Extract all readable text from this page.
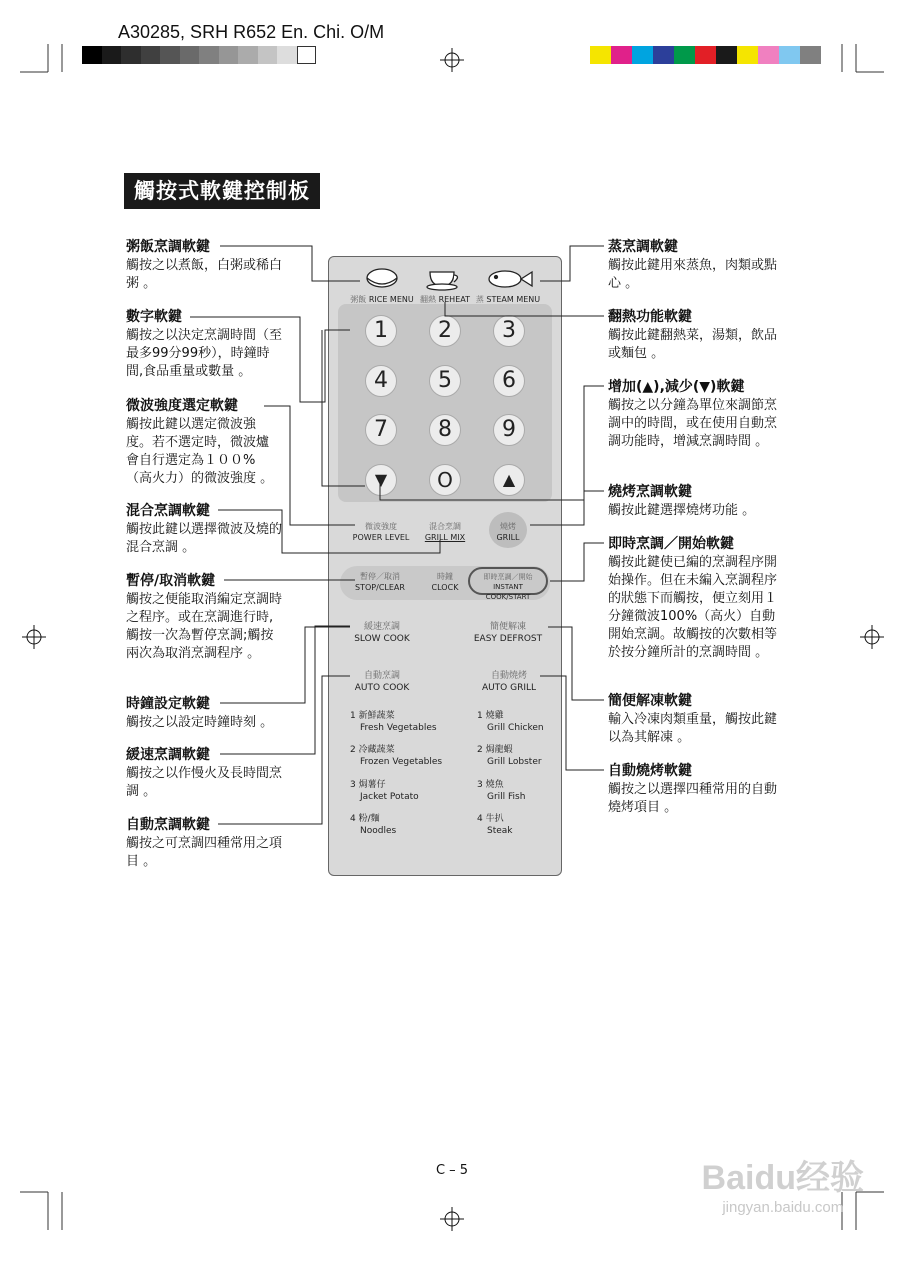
A30285, SRH R652 En. Chi. O/M
觸按式軟鍵控制板
粥飯烹調軟鍵
觸按之以煮飯，白粥或稀白粥 。
數字軟鍵
觸按之以決定烹調時間（至最多99分99秒），時鐘時間,食品重量或數量 。
微波強度選定軟鍵
觸按此鍵以選定微波強度。若不選定時，微波爐會自行選定為１００%（高火力）的微波強度 。
混合烹調軟鍵
觸按此鍵以選擇微波及燒的混合烹調 。
暫停/取消軟鍵
觸按之便能取消編定烹調時之程序。或在烹調進行時,觸按一次為暫停烹調;觸按兩次為取消烹調程序 。
時鐘設定軟鍵
觸按之以設定時鐘時刻 。
緩速烹調軟鍵
觸按之以作慢火及長時間烹調 。
自動烹調軟鍵
觸按之可烹調四種常用之項目 。
蒸烹調軟鍵
觸按此鍵用來蒸魚，肉類或點心 。
翻熱功能軟鍵
觸按此鍵翻熱菜，湯類，飲品或麵包 。
增加(▲),減少(▼)軟鍵
觸按之以分鐘為單位來調節烹調中的時間，或在使用自動烹調功能時，增減烹調時間 。
燒烤烹調軟鍵
觸按此鍵選擇燒烤功能 。
即時烹調／開始軟鍵
觸按此鍵使已編的烹調程序開始操作。但在未編入烹調程序的狀態下而觸按，便立刻用１分鐘微波100%（高火）自動開始烹調。故觸按的次數相等於按分鐘所計的烹調時間 。
簡便解凍軟鍵
輸入冷凍肉類重量，觸按此鍵以為其解凍 。
自動燒烤軟鍵
觸按之以選擇四種常用的自動燒烤項目 。
粥飯 RICE MENU 翻熱 REHEAT 蒸 STEAM MENU
1	2	3
4	5	6
7	8	9
▼	O	▲
微波強度
POWER LEVEL
混合烹調
GRILL MIX
燒烤
GRILL
暫停／取消
STOP/CLEAR
時鐘
CLOCK
即時烹調／開始
INSTANT COOK/START
緩速烹調
SLOW COOK
簡便解凍
EASY DEFROST
自動烹調
AUTO COOK
自動燒烤
AUTO GRILL
1 新鮮蔬菜
Fresh Vegetables
2 冷藏蔬菜
Frozen Vegetables
3 焗薯仔
Jacket Potato
4 粉/麵
Noodles
1 燒雞
Grill Chicken
2 焗龍蝦
Grill Lobster
3 燒魚
Grill Fish
4 牛扒
Steak
C – 5	Baidu经验
jingyan.baidu.com
